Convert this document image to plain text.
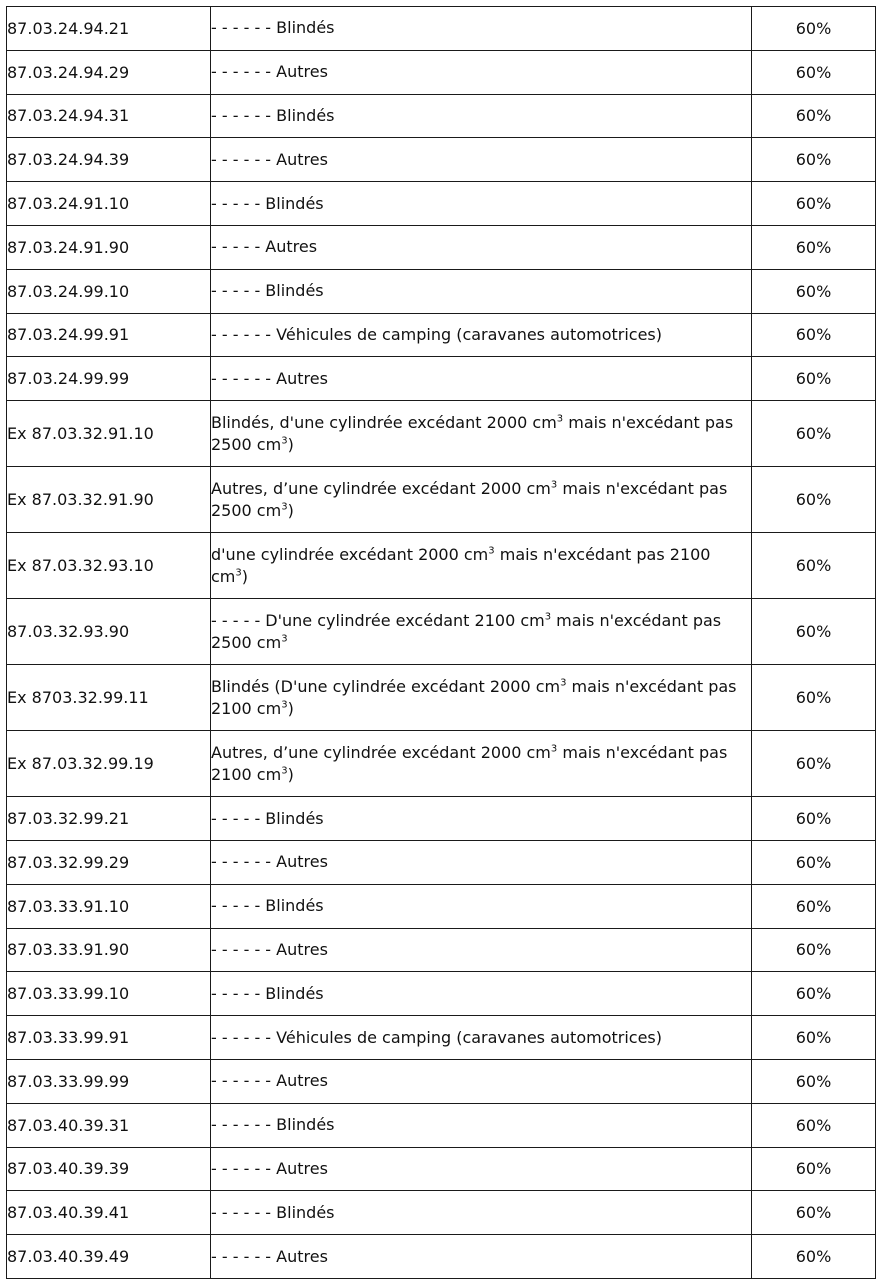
87.03.24.94.21	- - - - - - Blindés	60%
87.03.24.94.29	- - - - - - Autres	60%
87.03.24.94.31	- - - - - - Blindés	60%
87.03.24.94.39	- - - - - - Autres	60%
87.03.24.91.10	- - - - - Blindés	60%
87.03.24.91.90	- - - - - Autres	60%
87.03.24.99.10	- - - - - Blindés	60%
87.03.24.99.91	- - - - - - Véhicules de camping (caravanes automotrices)	60%
87.03.24.99.99	- - - - - - Autres	60%
Ex 87.03.32.91.10	Blindés, d'une cylindrée excédant 2000 $cm^3$ mais n'excédant pas 2500 $cm^3$)	60%
Ex 87.03.32.91.90	Autres, d’une cylindrée excédant 2000 $cm^3$ mais n'excédant pas 2500 $cm^3$)	60%
Ex 87.03.32.93.10	d'une cylindrée excédant 2000 $cm^3$ mais n'excédant pas 2100 $cm^3$)	60%
87.03.32.93.90	- - - - - D'une cylindrée excédant 2100 $cm^3$ mais n'excédant pas 2500 $cm^3$	60%
Ex 8703.32.99.11	Blindés (D'une cylindrée excédant 2000 $cm^3$ mais n'excédant pas 2100 $cm^3$)	60%
Ex 87.03.32.99.19	Autres, d’une cylindrée excédant 2000 $cm^3$ mais n'excédant pas 2100 $cm^3$)	60%
87.03.32.99.21	- - - - - Blindés	60%
87.03.32.99.29	- - - - - - Autres	60%
87.03.33.91.10	- - - - - Blindés	60%
87.03.33.91.90	- - - - - - Autres	60%
87.03.33.99.10	- - - - - Blindés	60%
87.03.33.99.91	- - - - - - Véhicules de camping (caravanes automotrices)	60%
87.03.33.99.99	- - - - - - Autres	60%
87.03.40.39.31	- - - - - - Blindés	60%
87.03.40.39.39	- - - - - - Autres	60%
87.03.40.39.41	- - - - - - Blindés	60%
87.03.40.39.49	- - - - - - Autres	60%
